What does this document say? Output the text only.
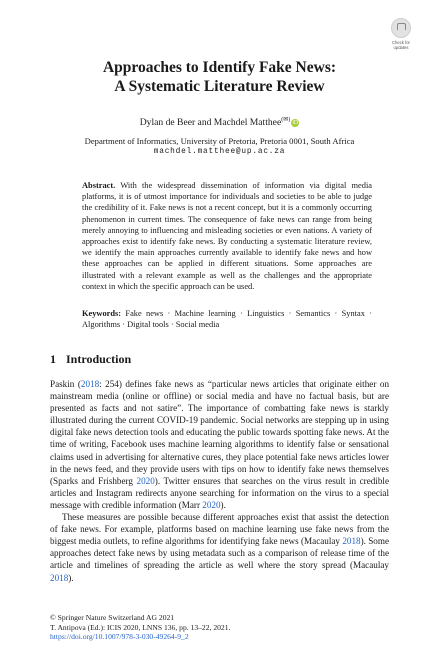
Check for updates
Approaches to Identify Fake News:
A Systematic Literature Review
Dylan de Beer and Machdel Matthee(✉)iD
Department of Informatics, University of Pretoria, Pretoria 0001, South Africa
machdel.matthee@up.ac.za
Abstract. With the widespread dissemination of information via digital media platforms, it is of utmost importance for individuals and societies to be able to judge the credibility of it. Fake news is not a recent concept, but it is a commonly occurring phenomenon in current times. The consequence of fake news can range from being merely annoying to influencing and misleading societies or even nations. A variety of approaches exist to identify fake news. By conducting a systematic literature review, we identify the main approaches currently available to identify fake news and how these approaches can be applied in different situations. Some approaches are illustrated with a relevant example as well as the challenges and the appropriate context in which the specific approach can be used.
Keywords: Fake news · Machine learning · Linguistics · Semantics · Syntax · Algorithms · Digital tools · Social media
1 Introduction

Paskin (2018: 254) defines fake news as “particular news articles that originate either on mainstream media (online or offline) or social media and have no factual basis, but are presented as facts and not satire”. The importance of combatting fake news is starkly illustrated during the current COVID-19 pandemic. Social networks are stepping up in using digital fake news detection tools and educating the public towards spotting fake news. At the time of writing, Facebook uses machine learning algorithms to identify false or sensational claims used in advertising for alternative cures, they place potential fake news articles lower in the news feed, and they provide users with tips on how to identify fake news themselves (Sparks and Frishberg 2020). Twitter ensures that searches on the virus result in credible articles and Instagram redirects anyone searching for information on the virus to a special message with credible information (Marr 2020).

These measures are possible because different approaches exist that assist the detection of fake news. For example, platforms based on machine learning use fake news from the biggest media outlets, to refine algorithms for identifying fake news (Macaulay 2018). Some approaches detect fake news by using metadata such as a comparison of release time of the article and timelines of spreading the article as well where the story spread (Macaulay 2018).

© Springer Nature Switzerland AG 2021
T. Antipova (Ed.): ICIS 2020, LNNS 136, pp. 13–22, 2021.
https://doi.org/10.1007/978-3-030-49264-9_2
